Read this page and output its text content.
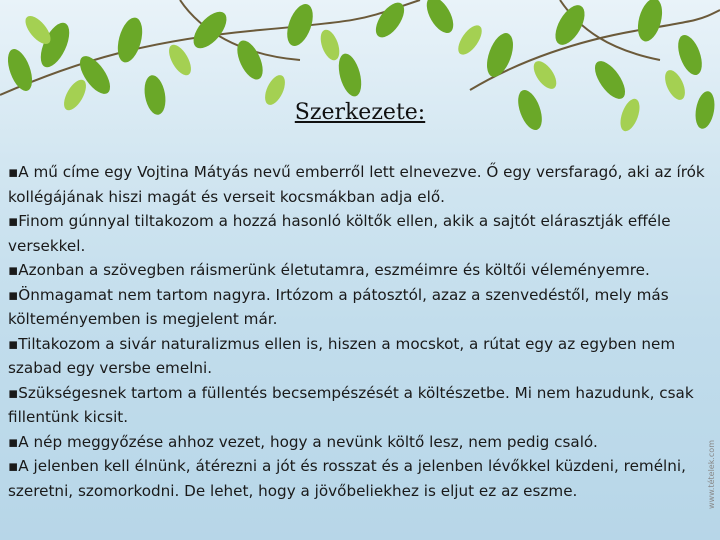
Szerkezete:

▪A mű címe egy Vojtina Mátyás nevű emberről lett elnevezve. Ő egy versfaragó, aki az írók kollégájának hiszi magát és verseit kocsmákban adja elő.

▪Finom gúnnyal tiltakozom a hozzá hasonló költők ellen, akik a sajtót elárasztják efféle versekkel.

▪Azonban a szövegben ráismerünk életutamra, eszméimre és költői véleményemre.

▪Önmagamat nem tartom nagyra. Irtózom a pátosztól, azaz a szenvedéstől, mely más költeményemben is megjelent már.

▪Tiltakozom a sivár naturalizmus ellen is, hiszen a mocskot, a rútat egy az egyben nem szabad egy versbe emelni.

▪Szükségesnek tartom a füllentés becsempészését a költészetbe. Mi nem hazudunk, csak fillentünk kicsit.

▪A nép meggyőzése ahhoz vezet, hogy a nevünk költő lesz, nem pedig csaló.

▪A jelenben kell élnünk, átérezni a jót és rosszat és a jelenben lévőkkel küzdeni, remélni, szeretni, szomorkodni. De lehet, hogy a jövőbeliekhez is eljut ez az eszme.	www.tételek.com
